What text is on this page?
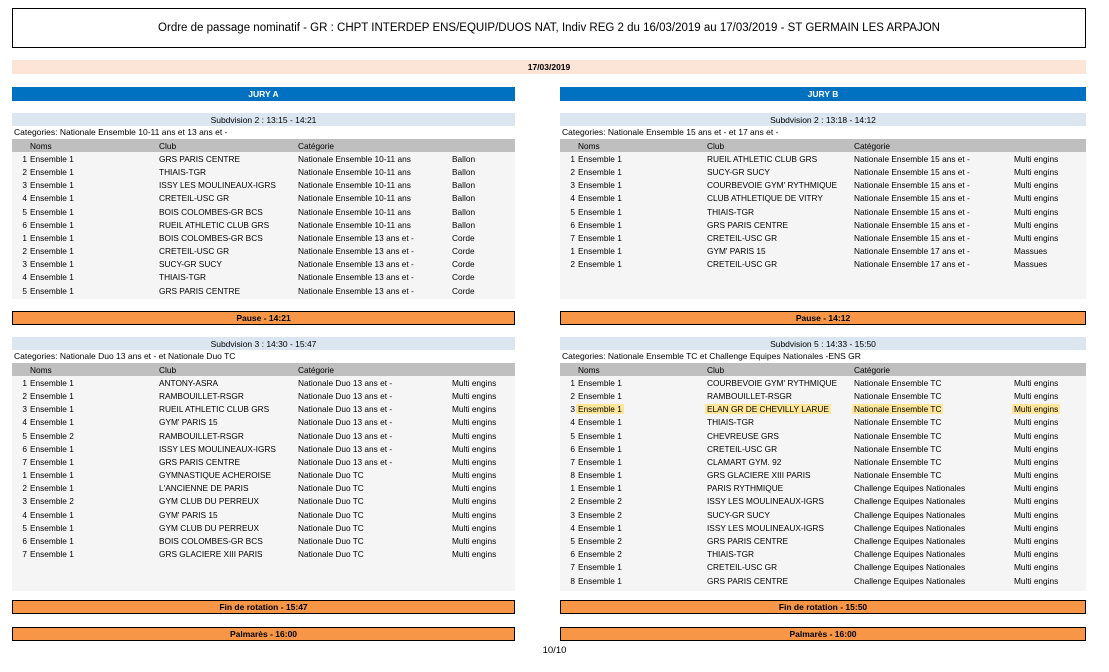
Ordre de passage nominatif - GR : CHPT INTERDEP ENS/EQUIP/DUOS NAT, Indiv REG 2 du 16/03/2019 au 17/03/2019 - ST GERMAIN LES ARPAJON
17/03/2019
JURY A
Subdvision 2 : 13:15 - 14:21
Categories: Nationale Ensemble 10-11 ans et 13 ans et -
Noms	Club	Catégorie
1 Ensemble 1	GRS PARIS CENTRE	Nationale Ensemble 10-11 ans	Ballon
2 Ensemble 1	THIAIS-TGR	Nationale Ensemble 10-11 ans	Ballon
3 Ensemble 1	ISSY LES MOULINEAUX-IGRS	Nationale Ensemble 10-11 ans	Ballon
4 Ensemble 1	CRETEIL-USC GR	Nationale Ensemble 10-11 ans	Ballon
5 Ensemble 1	BOIS COLOMBES-GR BCS	Nationale Ensemble 10-11 ans	Ballon
6 Ensemble 1	RUEIL ATHLETIC CLUB GRS	Nationale Ensemble 10-11 ans	Ballon
1 Ensemble 1	BOIS COLOMBES-GR BCS	Nationale Ensemble 13 ans et -	Corde
2 Ensemble 1	CRETEIL-USC GR	Nationale Ensemble 13 ans et -	Corde
3 Ensemble 1	SUCY-GR SUCY	Nationale Ensemble 13 ans et -	Corde
4 Ensemble 1	THIAIS-TGR	Nationale Ensemble 13 ans et -	Corde
5 Ensemble 1	GRS PARIS CENTRE	Nationale Ensemble 13 ans et -	Corde
Pause - 14:21
Subdvision 3 : 14:30 - 15:47
Categories: Nationale Duo 13 ans et - et Nationale Duo TC
Noms	Club	Catégorie
1 Ensemble 1	ANTONY-ASRA	Nationale Duo 13 ans et -	Multi engins
2 Ensemble 1	RAMBOUILLET-RSGR	Nationale Duo 13 ans et -	Multi engins
3 Ensemble 1	RUEIL ATHLETIC CLUB GRS	Nationale Duo 13 ans et -	Multi engins
4 Ensemble 1	GYM' PARIS 15	Nationale Duo 13 ans et -	Multi engins
5 Ensemble 2	RAMBOUILLET-RSGR	Nationale Duo 13 ans et -	Multi engins
6 Ensemble 1	ISSY LES MOULINEAUX-IGRS	Nationale Duo 13 ans et -	Multi engins
7 Ensemble 1	GRS PARIS CENTRE	Nationale Duo 13 ans et -	Multi engins
1 Ensemble 1	GYMNASTIQUE ACHEROISE	Nationale Duo TC	Multi engins
2 Ensemble 1	L'ANCIENNE DE PARIS	Nationale Duo TC	Multi engins
3 Ensemble 2	GYM CLUB DU PERREUX	Nationale Duo TC	Multi engins
4 Ensemble 1	GYM' PARIS 15	Nationale Duo TC	Multi engins
5 Ensemble 1	GYM CLUB DU PERREUX	Nationale Duo TC	Multi engins
6 Ensemble 1	BOIS COLOMBES-GR BCS	Nationale Duo TC	Multi engins
7 Ensemble 1	GRS GLACIERE XIII PARIS	Nationale Duo TC	Multi engins
Fin de rotation - 15:47
Palmarès - 16:00
JURY B
Subdvision 2 : 13:18 - 14:12
Categories: Nationale Ensemble 15 ans et - et 17 ans et -
Noms	Club	Catégorie
1 Ensemble 1	RUEIL ATHLETIC CLUB GRS	Nationale Ensemble 15 ans et -	Multi engins
2 Ensemble 1	SUCY-GR SUCY	Nationale Ensemble 15 ans et -	Multi engins
3 Ensemble 1	COURBEVOIE GYM' RYTHMIQUE	Nationale Ensemble 15 ans et -	Multi engins
4 Ensemble 1	CLUB ATHLETIQUE DE VITRY	Nationale Ensemble 15 ans et -	Multi engins
5 Ensemble 1	THIAIS-TGR	Nationale Ensemble 15 ans et -	Multi engins
6 Ensemble 1	GRS PARIS CENTRE	Nationale Ensemble 15 ans et -	Multi engins
7 Ensemble 1	CRETEIL-USC GR	Nationale Ensemble 15 ans et -	Multi engins
1 Ensemble 1	GYM' PARIS 15	Nationale Ensemble 17 ans et -	Massues
2 Ensemble 1	CRETEIL-USC GR	Nationale Ensemble 17 ans et -	Massues
Pause - 14:12
Subdvision 5 : 14:33 - 15:50
Categories: Nationale Ensemble TC et Challenge Equipes Nationales -ENS GR
Noms	Club	Catégorie
1 Ensemble 1	COURBEVOIE GYM' RYTHMIQUE	Nationale Ensemble TC	Multi engins
2 Ensemble 1	RAMBOUILLET-RSGR	Nationale Ensemble TC	Multi engins
3 Ensemble 1	ELAN GR DE CHEVILLY LARUE	Nationale Ensemble TC	Multi engins
4 Ensemble 1	THIAIS-TGR	Nationale Ensemble TC	Multi engins
5 Ensemble 1	CHEVREUSE GRS	Nationale Ensemble TC	Multi engins
6 Ensemble 1	CRETEIL-USC GR	Nationale Ensemble TC	Multi engins
7 Ensemble 1	CLAMART GYM. 92	Nationale Ensemble TC	Multi engins
8 Ensemble 1	GRS GLACIERE XIII PARIS	Nationale Ensemble TC	Multi engins
1 Ensemble 1	PARIS RYTHMIQUE	Challenge Equipes Nationales	Multi engins
2 Ensemble 2	ISSY LES MOULINEAUX-IGRS	Challenge Equipes Nationales	Multi engins
3 Ensemble 2	SUCY-GR SUCY	Challenge Equipes Nationales	Multi engins
4 Ensemble 1	ISSY LES MOULINEAUX-IGRS	Challenge Equipes Nationales	Multi engins
5 Ensemble 2	GRS PARIS CENTRE	Challenge Equipes Nationales	Multi engins
6 Ensemble 2	THIAIS-TGR	Challenge Equipes Nationales	Multi engins
7 Ensemble 1	CRETEIL-USC GR	Challenge Equipes Nationales	Multi engins
8 Ensemble 1	GRS PARIS CENTRE	Challenge Equipes Nationales	Multi engins
Fin de rotation - 15:50
Palmarès - 16:00
10/10
